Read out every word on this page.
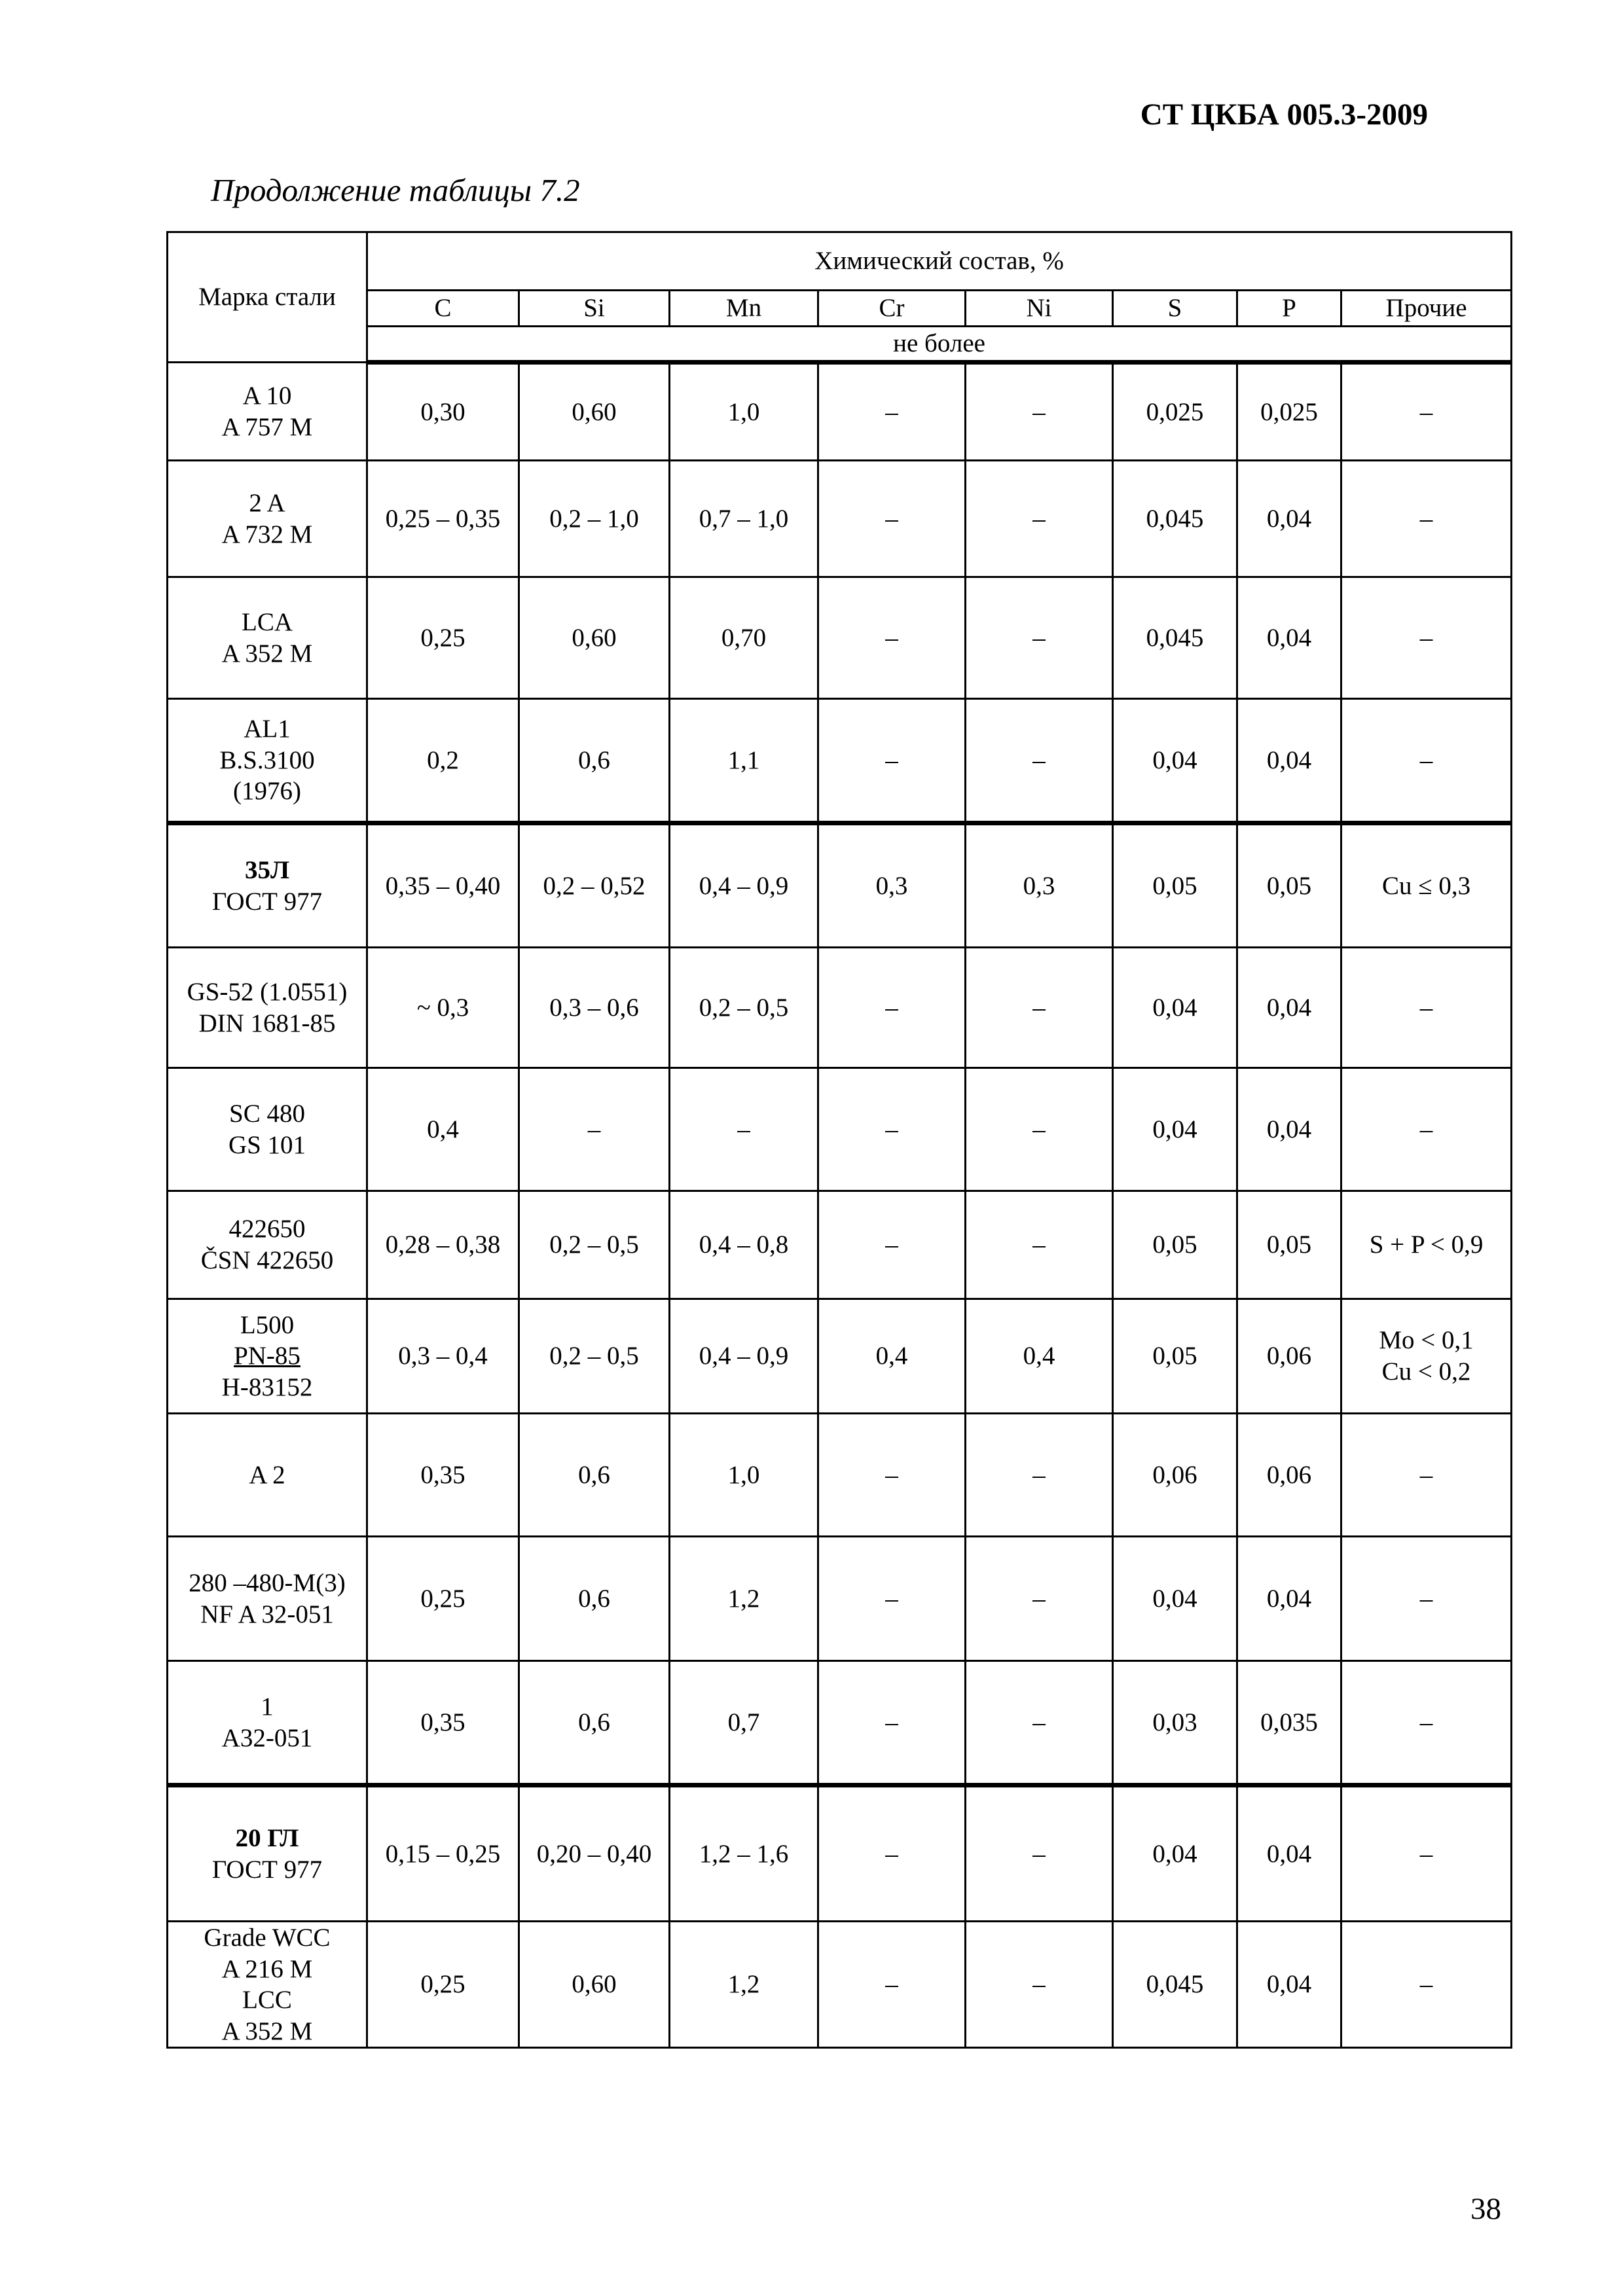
СТ ЦКБА 005.3-2009
Продолжение таблицы 7.2
Марка стали	Химический состав, %							
	C	Si	Mn	Cr	Ni	S	P	Прочие
	не более							

A 10
A 757 M	0,30	0,60	1,0	–	–	0,025	0,025	–

2 A
A 732 M	0,25 – 0,35	0,2 – 1,0	0,7 – 1,0	–	–	0,045	0,04	–

LCA
A 352 M	0,25	0,60	0,70	–	–	0,045	0,04	–

AL1
B.S.3100
(1976)	0,2	0,6	1,1	–	–	0,04	0,04	–

35Л
ГОСТ 977	0,35 – 0,40	0,2 – 0,52	0,4 – 0,9	0,3	0,3	0,05	0,05	Cu ≤ 0,3

GS-52 (1.0551)
DIN 1681-85	~ 0,3	0,3 – 0,6	0,2 – 0,5	–	–	0,04	0,04	–

SC 480
GS 101	0,4	–	–	–	–	0,04	0,04	–

422650
ČSN 422650	0,28 – 0,38	0,2 – 0,5	0,4 – 0,8	–	–	0,05	0,05	S + P < 0,9

L500
PN-85
H-83152	0,3 – 0,4	0,2 – 0,5	0,4 – 0,9	0,4	0,4	0,05	0,06	Mo < 0,1
Cu < 0,2

A 2	0,35	0,6	1,0	–	–	0,06	0,06	–

280 –480-M(3)
NF A 32-051	0,25	0,6	1,2	–	–	0,04	0,04	–

1
A32-051	0,35	0,6	0,7	–	–	0,03	0,035	–

20 ГЛ
ГОСТ 977	0,15 – 0,25	0,20 – 0,40	1,2 – 1,6	–	–	0,04	0,04	–

Grade WCC
A 216 M
LCC
A 352 M	0,25	0,60	1,2	–	–	0,045	0,04	–
38
